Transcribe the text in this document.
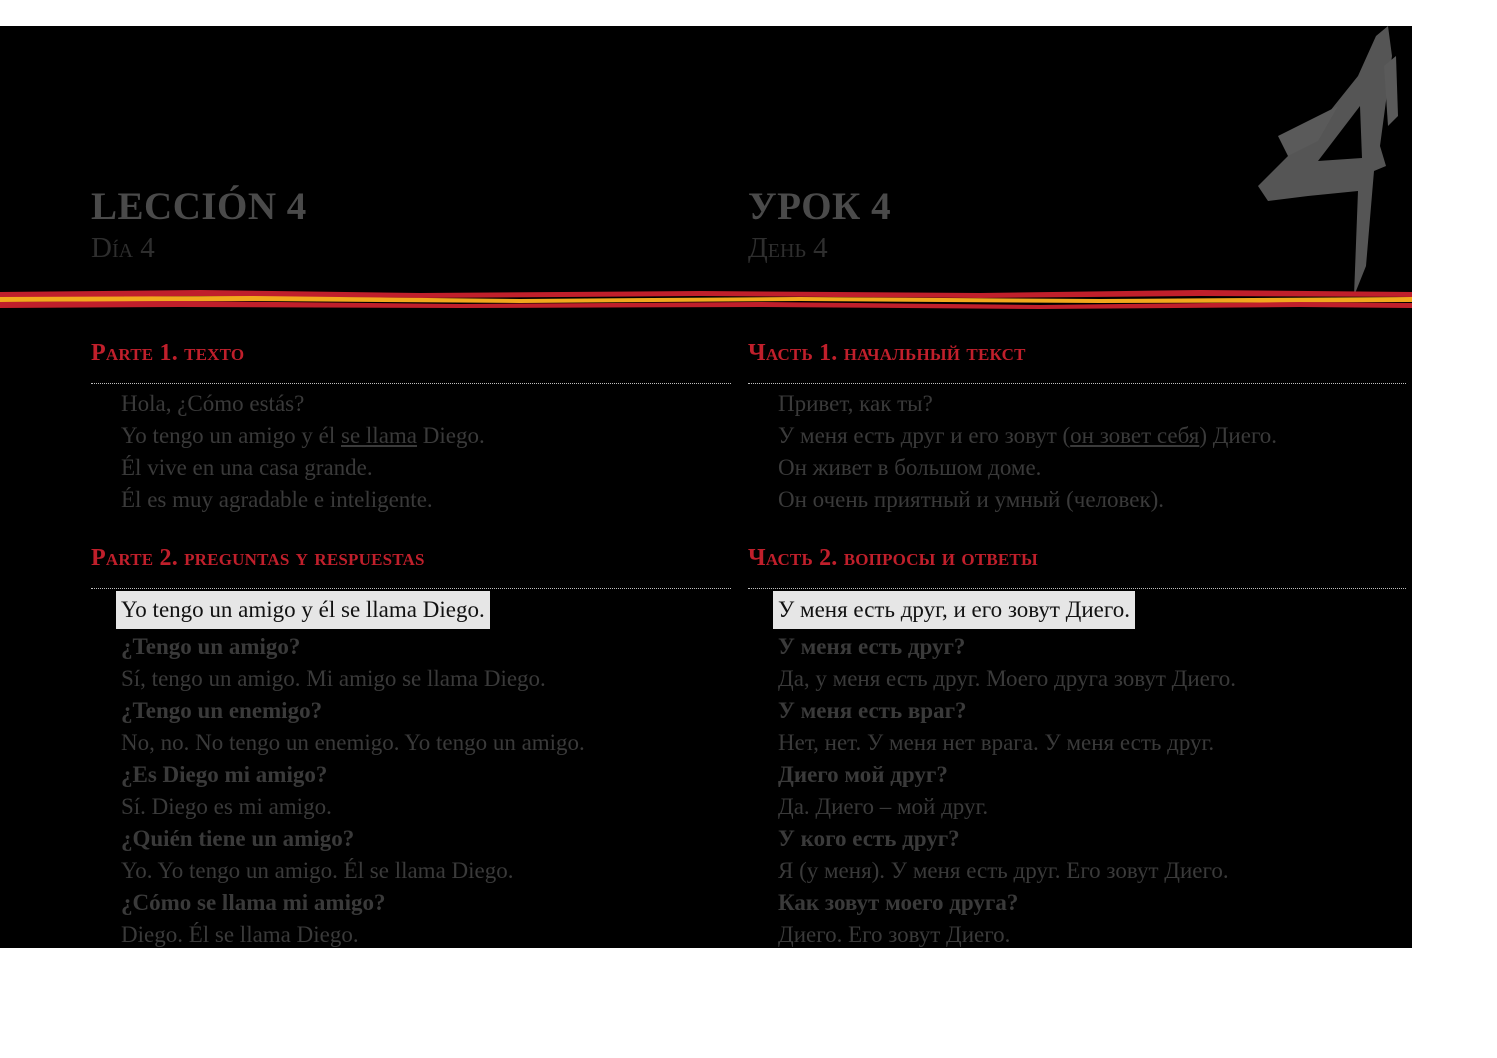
LECCIÓN 4
Día 4
Parte 1. texto
Hola, ¿Cómo estás?
Yo tengo un amigo y él se llama Diego.
Él vive en una casa grande.
Él es muy agradable e inteligente.
Parte 2. preguntas y respuestas
Yo tengo un amigo y él se llama Diego.
¿Tengo un amigo?
Sí, tengo un amigo. Mi amigo se llama Diego.
¿Tengo un enemigo?
No, no. No tengo un enemigo. Yo tengo un amigo.
¿Es Diego mi amigo?
Sí. Diego es mi amigo.
¿Quién tiene un amigo?
Yo. Yo tengo un amigo. Él se llama Diego.
¿Cómo se llama mi amigo?
Diego. Él se llama Diego.
УРОК 4
День 4
Часть 1. начальный текст
Привет, как ты?
У меня есть друг и его зовут (он зовет себя) Диего.
Он живет в большом доме.
Он очень приятный и умный (человек).
Часть 2. вопросы и ответы
У меня есть друг, и его зовут Диего.
У меня есть друг?
Да, у меня есть друг. Моего друга зовут Диего.
У меня есть враг?
Нет, нет. У меня нет врага. У меня есть друг.
Диего мой друг?
Да. Диего – мой друг.
У кого есть друг?
Я (у меня). У меня есть друг. Его зовут Диего.
Как зовут моего друга?
Диего. Его зовут Диего.
